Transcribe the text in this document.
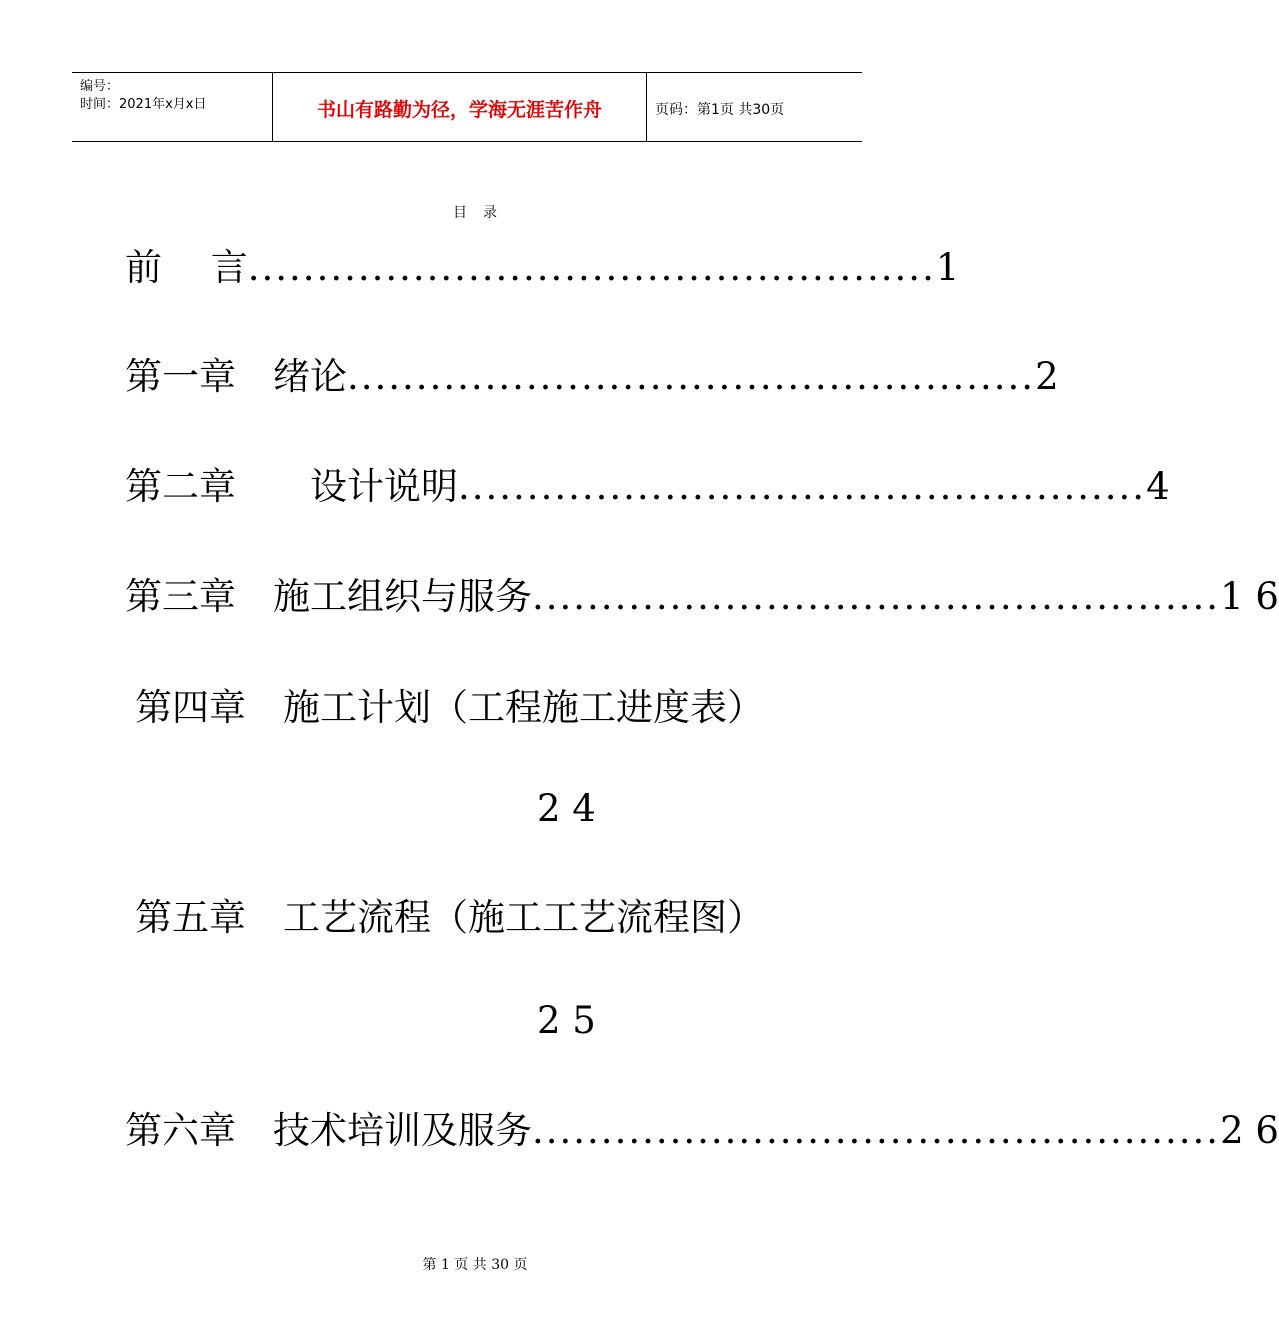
编号：
时间：2021年x月x日	书山有路勤为径，学海无涯苦作舟	页码：第1页 共30页
目录
前　 言 .................................................. 1
第一章　绪论 .................................................. 2
第二章　　设计说明 .................................................. 4
第三章　施工组织与服务 .................................................. 1 6
第四章　施工计划（工程施工进度表）
2 4
第五章　工艺流程（施工工艺流程图）
2 5
第六章　技术培训及服务 .................................................. 2 6
第 1 页 共 30 页
